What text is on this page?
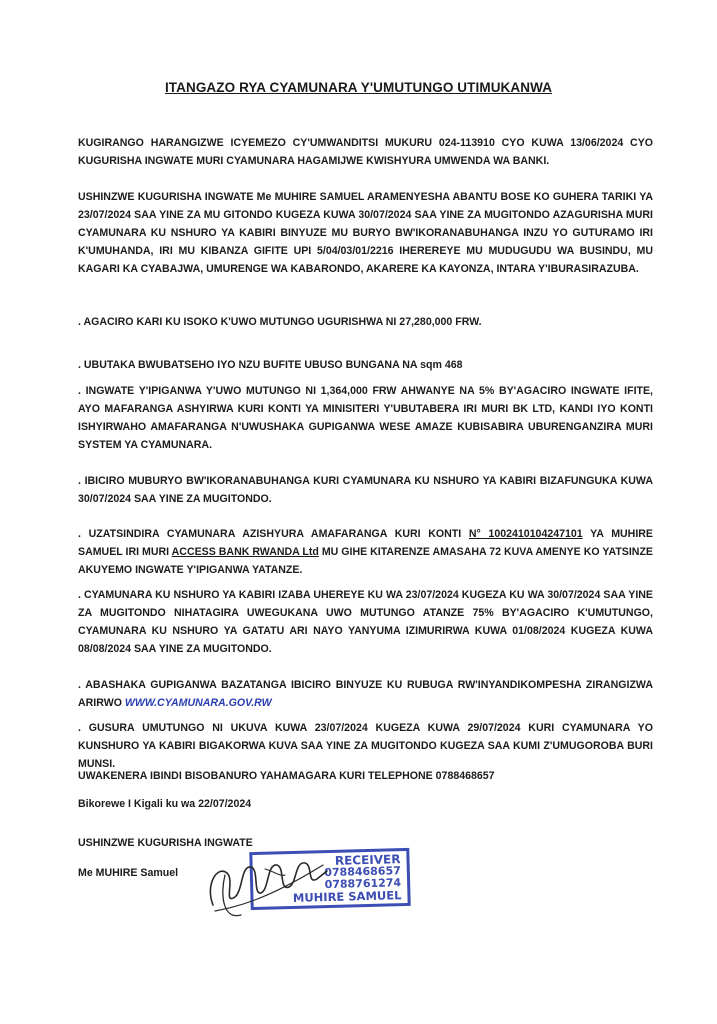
ITANGAZO RYA CYAMUNARA Y'UMUTUNGO UTIMUKANWA
KUGIRANGO HARANGIZWE ICYEMEZO CY'UMWANDITSI MUKURU 024-113910 CYO KUWA 13/06/2024 CYO KUGURISHA INGWATE MURI CYAMUNARA HAGAMIJWE KWISHYURA UMWENDA WA BANKI.
USHINZWE KUGURISHA INGWATE Me MUHIRE SAMUEL ARAMENYESHA ABANTU BOSE KO GUHERA TARIKI YA 23/07/2024 SAA YINE ZA MU GITONDO KUGEZA KUWA 30/07/2024 SAA YINE ZA MUGITONDO AZAGURISHA MURI CYAMUNARA KU NSHURO YA KABIRI BINYUZE MU BURYO BW'IKORANABUHANGA INZU YO GUTURAMO IRI K'UMUHANDA, IRI MU KIBANZA GIFITE UPI 5/04/03/01/2216 IHEREREYE MU MUDUGUDU WA BUSINDU, MU KAGARI KA CYABAJWA, UMURENGE WA KABARONDO, AKARERE KA KAYONZA, INTARA Y'IBURASIRAZUBA.
. AGACIRO KARI KU ISOKO K'UWO MUTUNGO UGURISHWA NI 27,280,000 FRW.
. UBUTAKA BWUBATSEHO IYO NZU BUFITE UBUSO BUNGANA NA sqm 468
. INGWATE Y'IPIGANWA Y'UWO MUTUNGO NI 1,364,000 FRW AHWANYE NA 5% BY'AGACIRO INGWATE IFITE, AYO MAFARANGA ASHYIRWA KURI KONTI YA MINISITERI Y'UBUTABERA IRI MURI BK LTD, KANDI IYO KONTI ISHYIRWAHO AMAFARANGA N'UWUSHAKA GUPIGANWA WESE AMAZE KUBISABIRA UBURENGANZIRA MURI SYSTEM YA CYAMUNARA.
. IBICIRO MUBURYO BW'IKORANABUHANGA KURI CYAMUNARA KU NSHURO YA KABIRI BIZAFUNGUKA KUWA 30/07/2024 SAA YINE ZA MUGITONDO.
. UZATSINDIRA CYAMUNARA AZISHYURA AMAFARANGA KURI KONTI N° 1002410104247101 YA MUHIRE SAMUEL IRI MURI ACCESS BANK RWANDA Ltd MU GIHE KITARENZE AMASAHA 72 KUVA AMENYE KO YATSINZE AKUYEMO INGWATE Y'IPIGANWA YATANZE.
. CYAMUNARA KU NSHURO YA KABIRI IZABA UHEREYE KU WA 23/07/2024 KUGEZA KU WA 30/07/2024 SAA YINE ZA MUGITONDO NIHATAGIRA UWEGUKANA UWO MUTUNGO ATANZE 75% BY'AGACIRO K'UMUTUNGO, CYAMUNARA KU NSHURO YA GATATU ARI NAYO YANYUMA IZIMURIRWA KUWA 01/08/2024 KUGEZA KUWA 08/08/2024 SAA YINE ZA MUGITONDO.
. ABASHAKA GUPIGANWA BAZATANGA IBICIRO BINYUZE KU RUBUGA RW'INYANDIKOMPESHA ZIRANGIZWA ARIRWO WWW.CYAMUNARA.GOV.RW
. GUSURA UMUTUNGO NI UKUVA KUWA 23/07/2024 KUGEZA KUWA 29/07/2024 KURI CYAMUNARA YO KUNSHURO YA KABIRI BIGAKORWA KUVA SAA YINE ZA MUGITONDO KUGEZA SAA KUMI Z'UMUGOROBA BURI MUNSI.
UWAKENERA IBINDI BISOBANURO YAHAMAGARA KURI TELEPHONE 0788468657
Bikorewe I Kigali ku wa 22/07/2024
USHINZWE KUGURISHA INGWATE
Me MUHIRE Samuel
RECEIVER
0788468657
0788761274
MUHIRE SAMUEL
